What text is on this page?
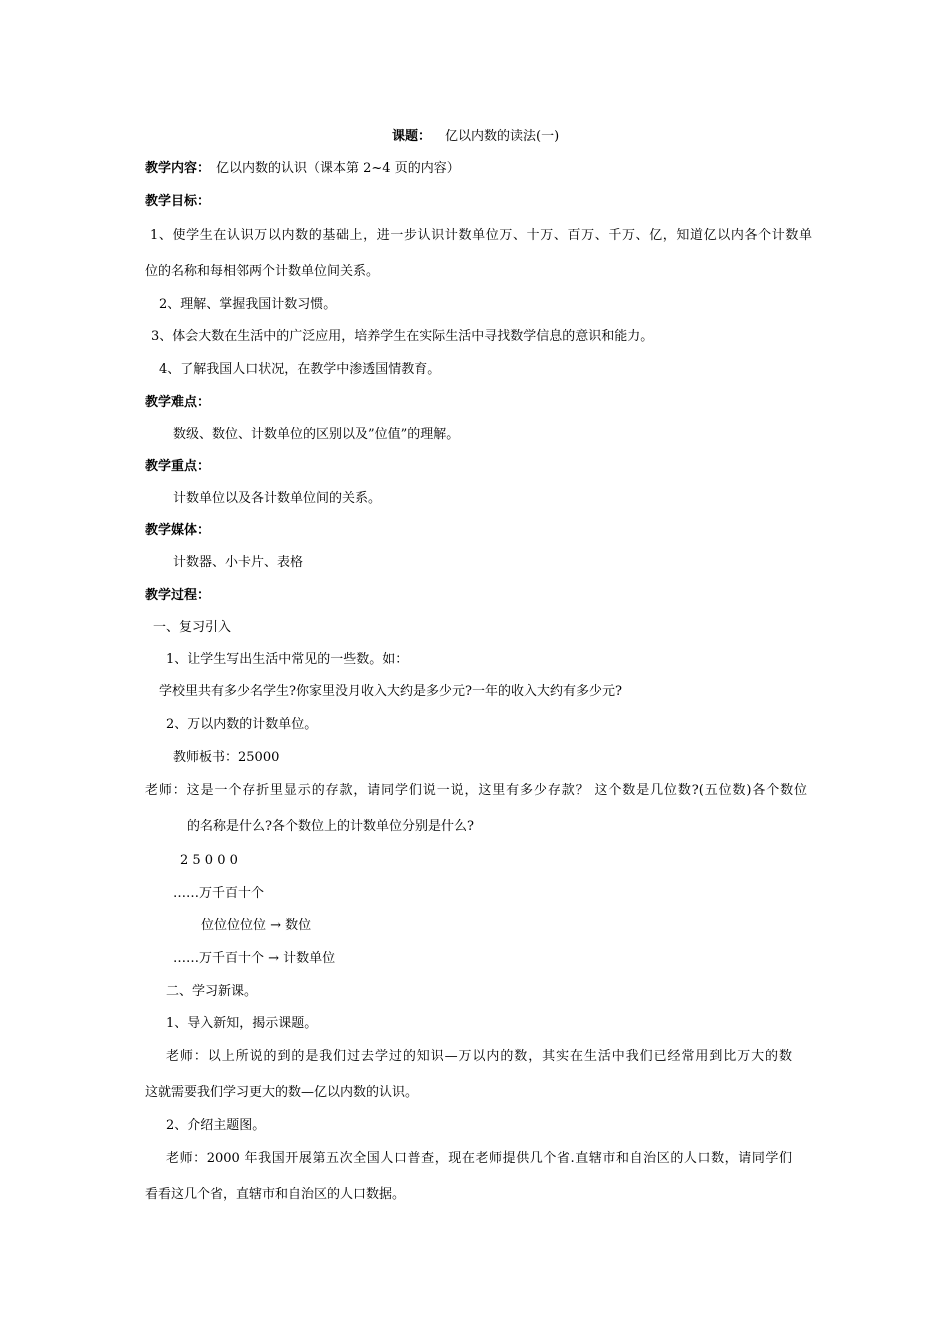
课题： 亿以内数的读法(一)
教学内容： 亿以内数的认识（课本第 2~4 页的内容）
教学目标：
1、使学生在认识万以内数的基础上，进一步认识计数单位万、十万、百万、千万、亿，知道亿以内各个计数单
位的名称和每相邻两个计数单位间关系。
2、理解、掌握我国计数习惯。
3、体会大数在生活中的广泛应用，培养学生在实际生活中寻找数学信息的意识和能力。
4、了解我国人口状况，在教学中渗透国情教育。
教学难点：
数级、数位、计数单位的区别以及”位值”的理解。
教学重点：
计数单位以及各计数单位间的关系。
教学媒体：
计数器、小卡片、表格
教学过程：
一、复习引入
1、让学生写出生活中常见的一些数。如：
学校里共有多少名学生?你家里没月收入大约是多少元?一年的收入大约有多少元?
2、万以内数的计数单位。
教师板书：25000
老师：这是一个存折里显示的存款，请同学们说一说，这里有多少存款？ 这个数是几位数?(五位数)各个数位
的名称是什么?各个数位上的计数单位分别是什么?
2 5 0 0 0
……万千百十个
位位位位位 → 数位
……万千百十个 → 计数单位
二、学习新课。
1、导入新知，揭示课题。
老师：以上所说的到的是我们过去学过的知识—万以内的数，其实在生活中我们已经常用到比万大的数
这就需要我们学习更大的数—亿以内数的认识。
2、介绍主题图。
老师：2000 年我国开展第五次全国人口普查，现在老师提供几个省.直辖市和自治区的人口数，请同学们
看看这几个省，直辖市和自治区的人口数据。
